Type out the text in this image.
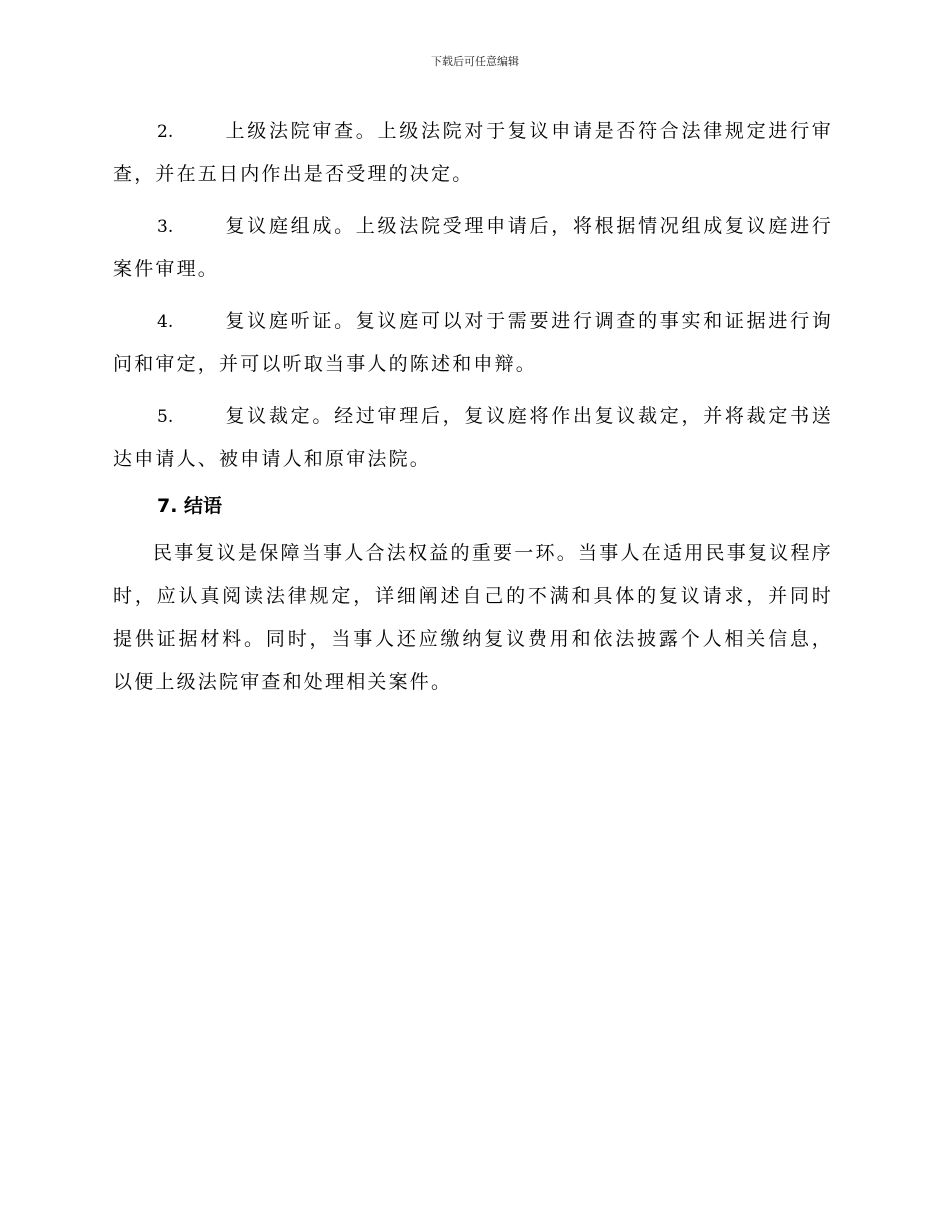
下载后可任意编辑
2.	上级法院审查。上级法院对于复议申请是否符合法律规定进行审查，并在五日内作出是否受理的决定。
3.	复议庭组成。上级法院受理申请后，将根据情况组成复议庭进行案件审理。
4.	复议庭听证。复议庭可以对于需要进行调查的事实和证据进行询问和审定，并可以听取当事人的陈述和申辩。
5.	复议裁定。经过审理后，复议庭将作出复议裁定，并将裁定书送达申请人、被申请人和原审法院。
7. 结语

民事复议是保障当事人合法权益的重要一环。当事人在适用民事复议程序时，应认真阅读法律规定，详细阐述自己的不满和具体的复议请求，并同时提供证据材料。同时，当事人还应缴纳复议费用和依法披露个人相关信息，以便上级法院审查和处理相关案件。
